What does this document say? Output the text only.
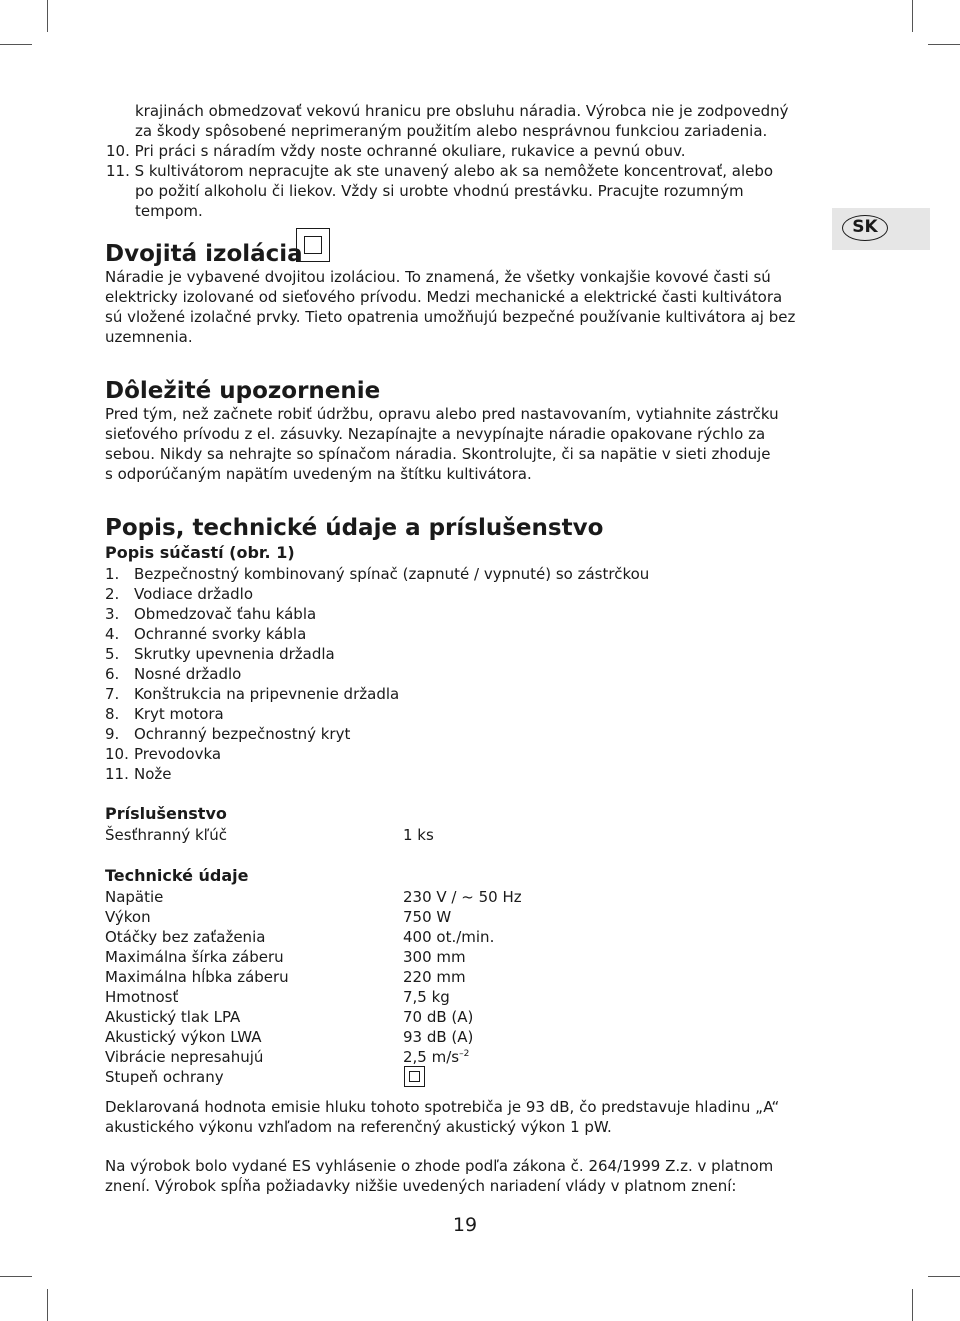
krajinách obmedzovať vekovú hranicu pre obsluhu náradia. Výrobca nie je zodpovedný
za škody spôsobené neprimeraným použitím alebo nesprávnou funkciou zariadenia.
10. Pri práci s náradím vždy noste ochranné okuliare, rukavice a pevnú obuv.
11. S kultivátorom nepracujte ak ste unavený alebo ak sa nemôžete koncentrovať, alebo
po požití alkoholu či liekov. Vždy si urobte vhodnú prestávku. Pracujte rozumným
tempom.
SK
Dvojitá izolácia
Náradie je vybavené dvojitou izoláciou. To znamená, že všetky vonkajšie kovové časti sú
elektricky izolované od sieťového prívodu. Medzi mechanické a elektrické časti kultivátora
sú vložené izolačné prvky. Tieto opatrenia umožňujú bezpečné používanie kultivátora aj bez
uzemnenia.
Dôležité upozornenie
Pred tým, než začnete robiť údržbu, opravu alebo pred nastavovaním, vytiahnite zástrčku
sieťového prívodu z el. zásuvky. Nezapínajte a nevypínajte náradie opakovane rýchlo za
sebou. Nikdy sa nehrajte so spínačom náradia. Skontrolujte, či sa napätie v sieti zhoduje
s odporúčaným napätím uvedeným na štítku kultivátora.
Popis, technické údaje a príslušenstvo
Popis súčastí (obr. 1)
1. Bezpečnostný kombinovaný spínač (zapnuté / vypnuté) so zástrčkou
2. Vodiace držadlo
3. Obmedzovač ťahu kábla
4. Ochranné svorky kábla
5. Skrutky upevnenia držadla
6. Nosné držadlo
7. Konštrukcia na pripevnenie držadla
8. Kryt motora
9. Ochranný bezpečnostný kryt
10. Prevodovka
11. Nože
Príslušenstvo
Šesťhranný kľúč	1 ks
Technické údaje
Napätie	230 V / ~ 50 Hz
Výkon	750 W
Otáčky bez zaťaženia	400 ot./min.
Maximálna šírka záberu	300 mm
Maximálna hĺbka záberu	220 mm
Hmotnosť	7,5 kg
Akustický tlak LPA	70 dB (A)
Akustický výkon LWA	93 dB (A)
Vibrácie nepresahujú	2,5 $m/s^{-2}$
Stupeň ochrany
Deklarovaná hodnota emisie hluku tohoto spotrebiča je 93 dB, čo predstavuje hladinu „A“
akustického výkonu vzhľadom na referenčný akustický výkon 1 pW.
Na výrobok bolo vydané ES vyhlásenie o zhode podľa zákona č. 264/1999 Z.z. v platnom
znení. Výrobok spĺňa požiadavky nižšie uvedených nariadení vlády v platnom znení:
19
